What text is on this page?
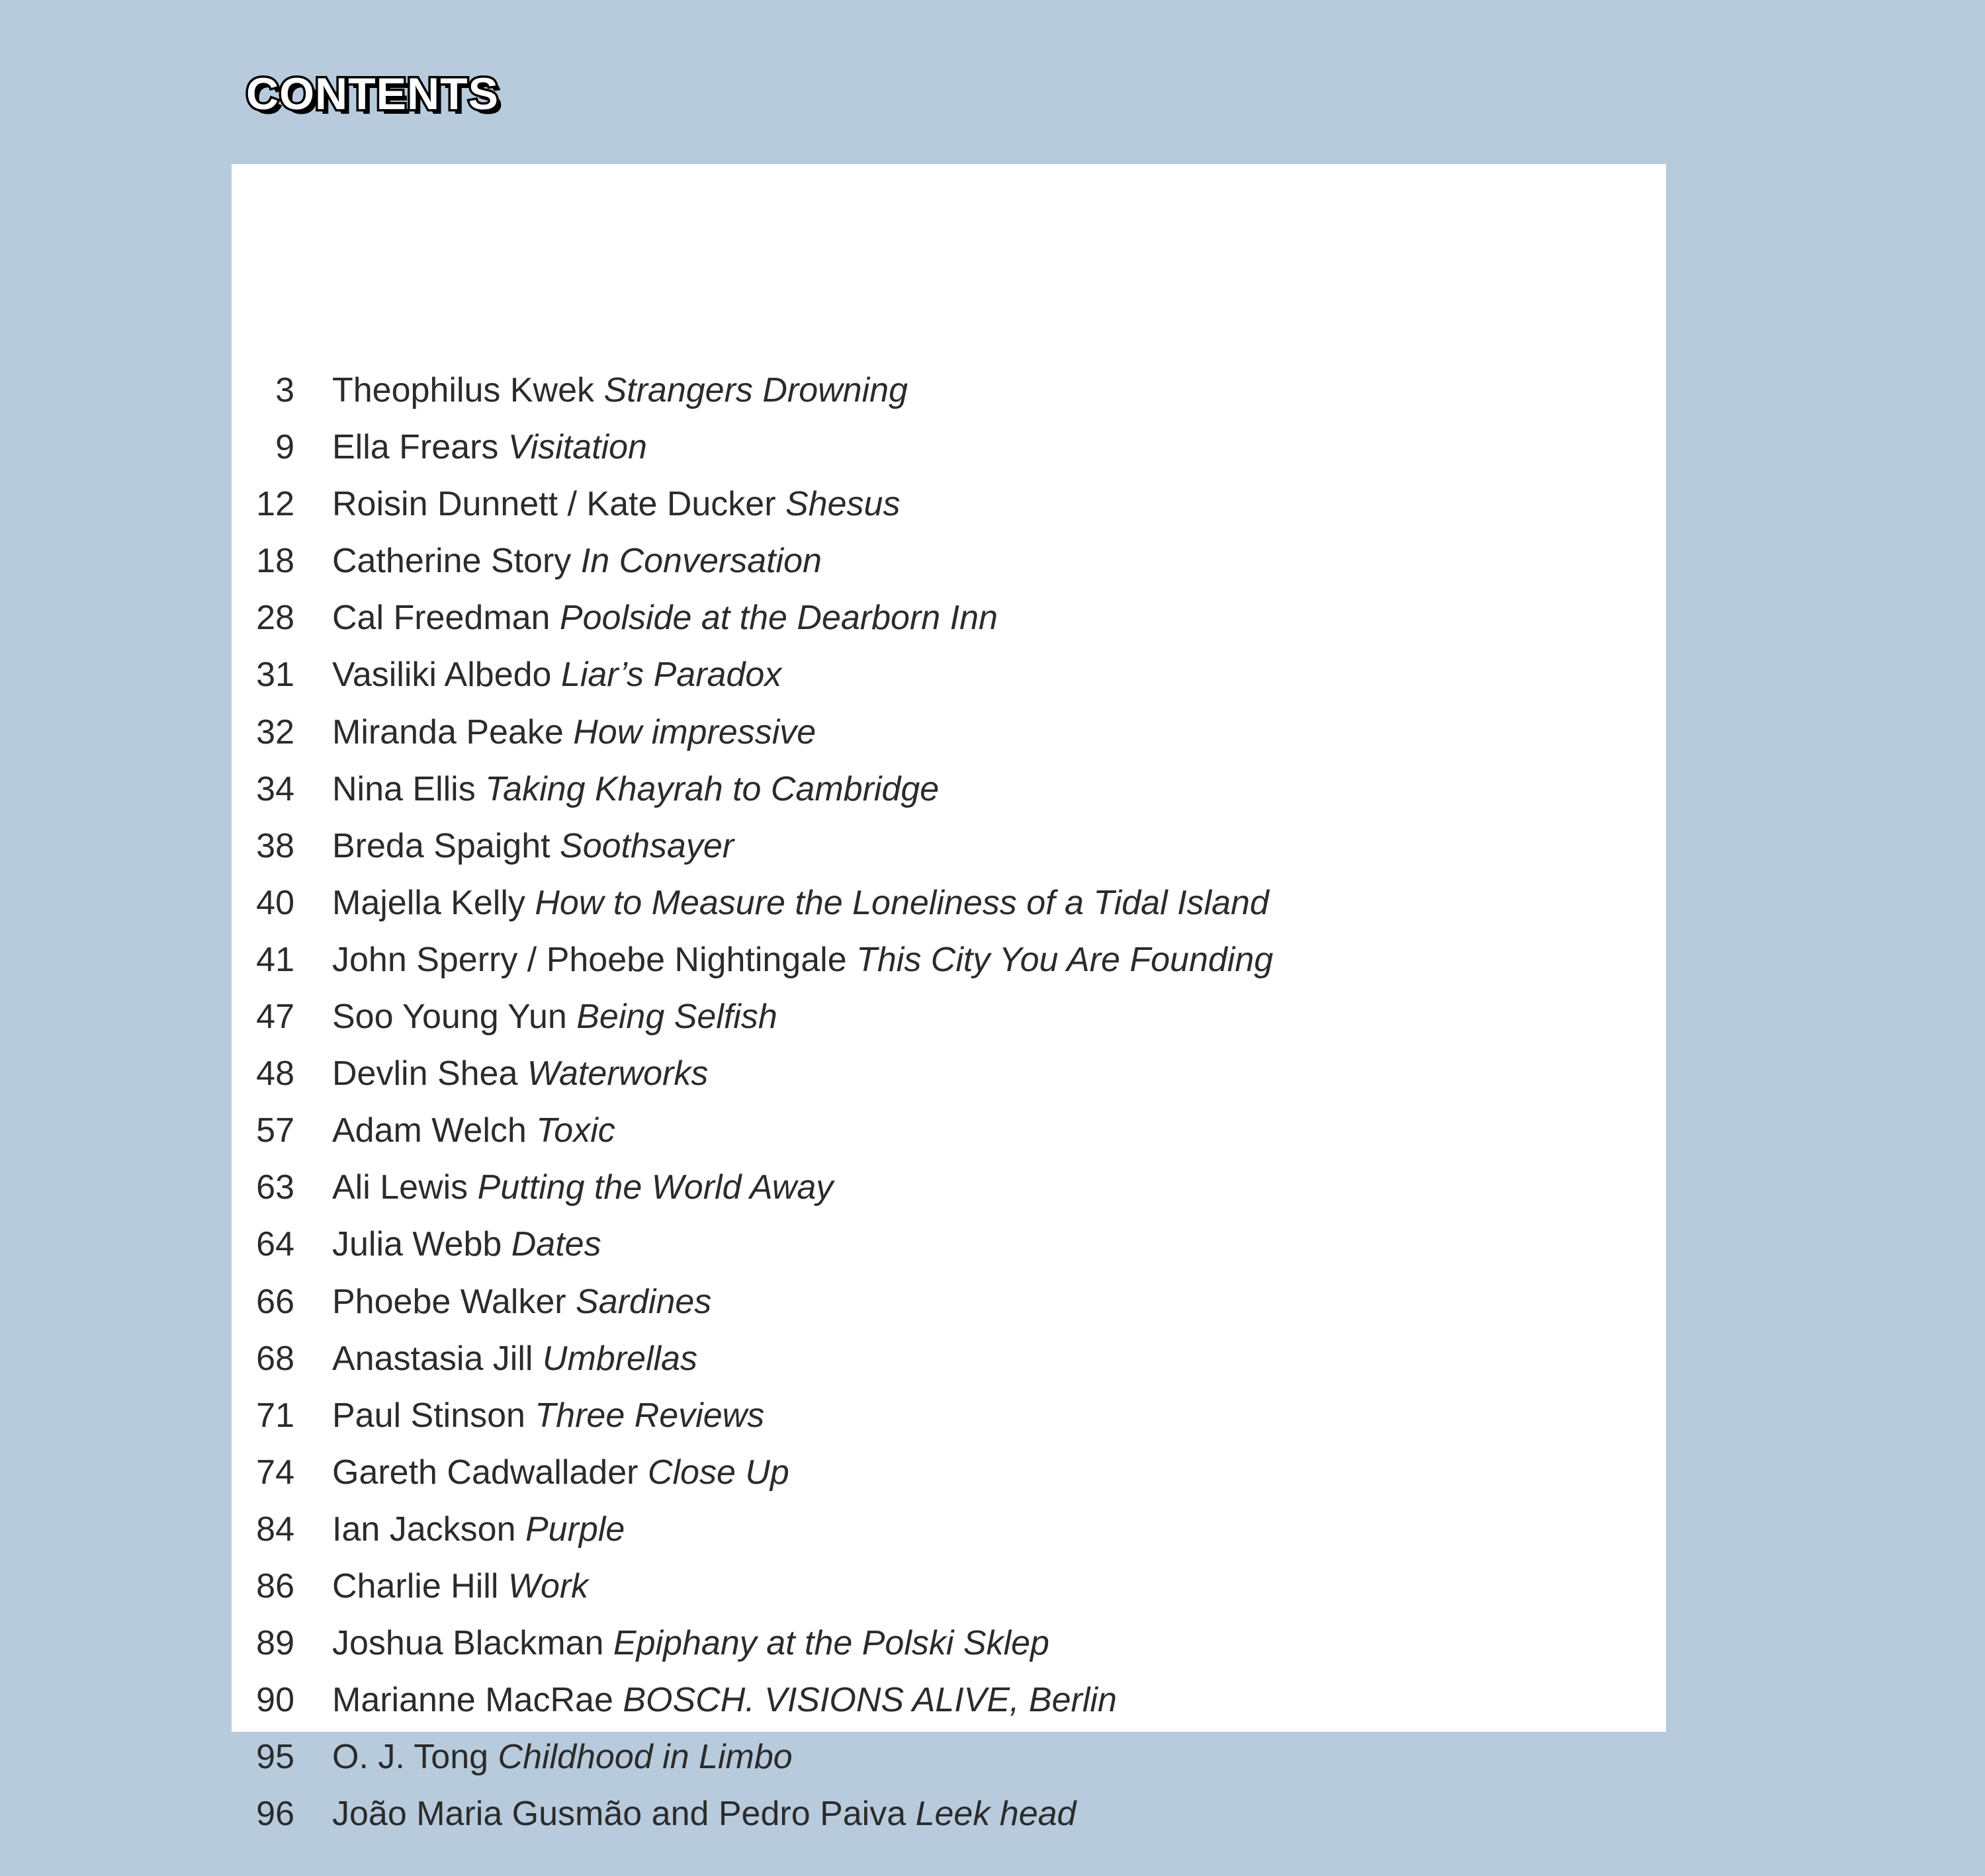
CONTENTS
3 Theophilus Kwek Strangers Drowning
9 Ella Frears Visitation
12 Roisin Dunnett / Kate Ducker Shesus
18 Catherine Story In Conversation
28 Cal Freedman Poolside at the Dearborn Inn
31 Vasiliki Albedo Liar’s Paradox
32 Miranda Peake How impressive
34 Nina Ellis Taking Khayrah to Cambridge
38 Breda Spaight Soothsayer
40 Majella Kelly How to Measure the Loneliness of a Tidal Island
41 John Sperry / Phoebe Nightingale This City You Are Founding
47 Soo Young Yun Being Selfish
48 Devlin Shea Waterworks
57 Adam Welch Toxic
63 Ali Lewis Putting the World Away
64 Julia Webb Dates
66 Phoebe Walker Sardines
68 Anastasia Jill Umbrellas
71 Paul Stinson Three Reviews
74 Gareth Cadwallader Close Up
84 Ian Jackson Purple
86 Charlie Hill Work
89 Joshua Blackman Epiphany at the Polski Sklep
90 Marianne MacRae BOSCH. VISIONS ALIVE, Berlin
95 O. J. Tong Childhood in Limbo
96 João Maria Gusmão and Pedro Paiva Leek head
